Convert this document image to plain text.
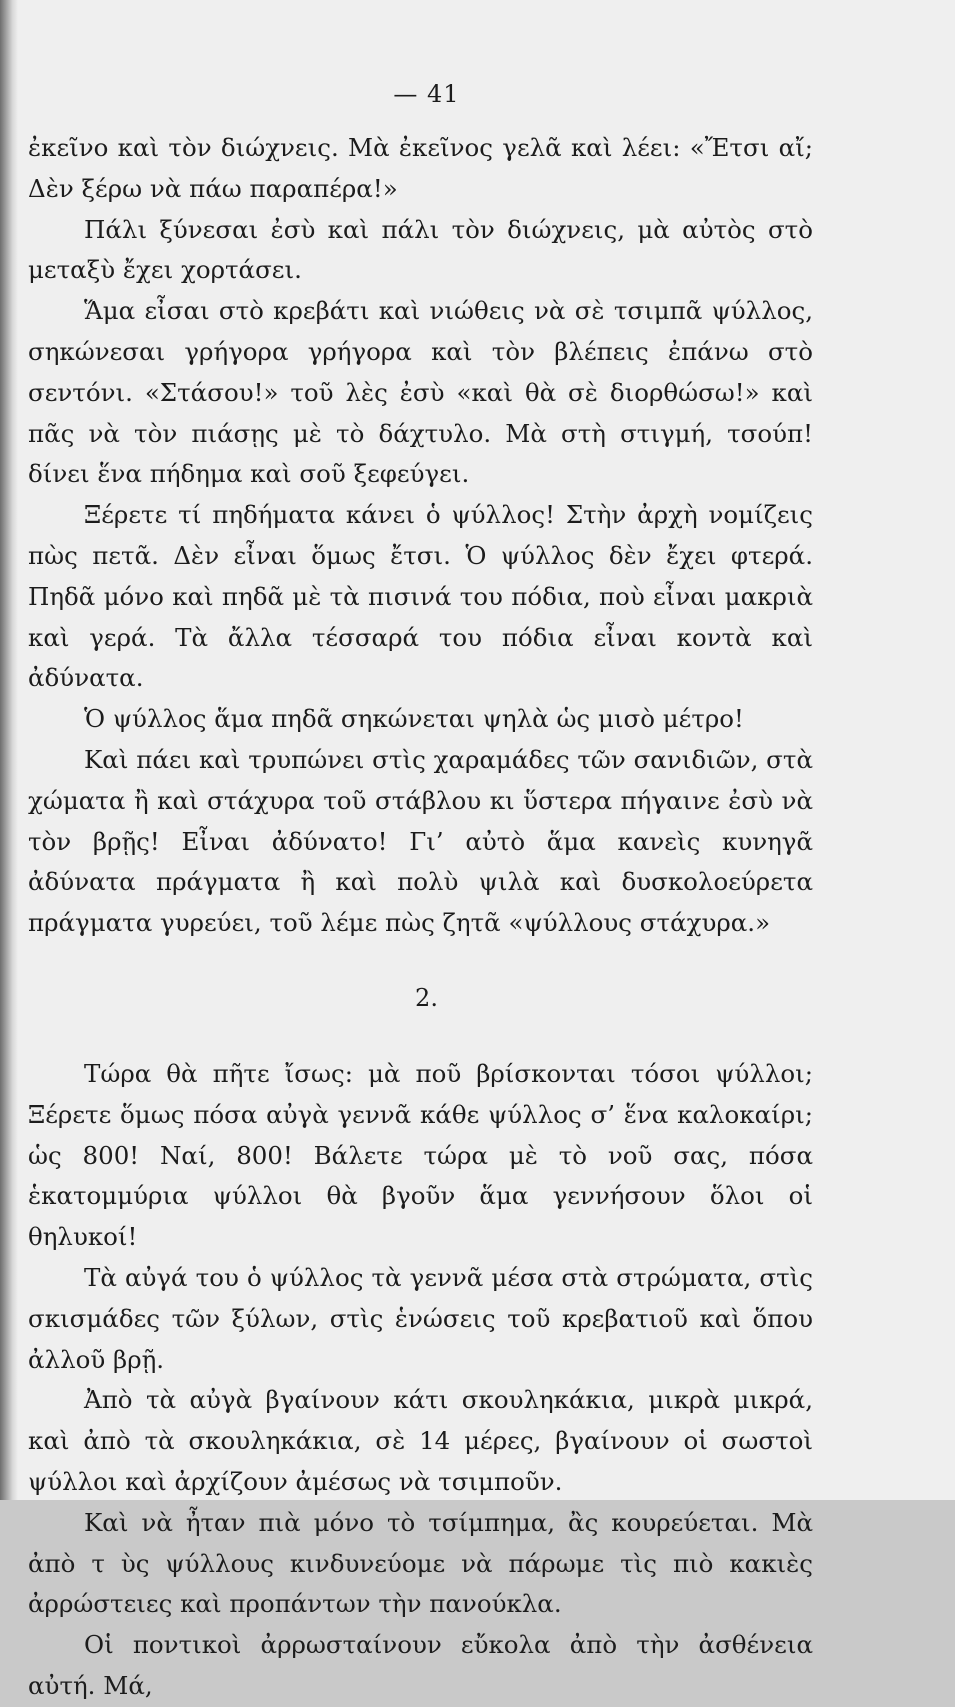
— 41

ἐκεῖνο καὶ τὸν διώχνεις. Μὰ ἐκεῖνος γελᾶ καὶ λέει: «Ἔτσι αἴ; Δὲν ξέρω νὰ πάω παραπέρα!»

Πάλι ξύνεσαι ἐσὺ καὶ πάλι τὸν διώχνεις, μὰ αὐτὸς στὸ μεταξὺ ἔχει χορτάσει.

Ἅμα εἶσαι στὸ κρεβάτι καὶ νιώθεις νὰ σὲ τσιμπᾶ ψύλλος, σηκώνεσαι γρήγορα γρήγορα καὶ τὸν βλέπεις ἐπάνω στὸ σεντόνι. «Στάσου!» τοῦ λὲς ἐσὺ «καὶ θὰ σὲ διορθώσω!» καὶ πᾶς νὰ τὸν πιάσῃς μὲ τὸ δάχτυλο. Μὰ στὴ στιγμή, τσούπ! δίνει ἕνα πήδημα καὶ σοῦ ξεφεύγει.

Ξέρετε τί πηδήματα κάνει ὁ ψύλλος! Στὴν ἀρχὴ νομίζεις πὼς πετᾶ. Δὲν εἶναι ὅμως ἔτσι. Ὁ ψύλλος δὲν ἔχει φτερά. Πηδᾶ μόνο καὶ πηδᾶ μὲ τὰ πισινά του πόδια, ποὺ εἶναι μακριὰ καὶ γερά. Τὰ ἄλλα τέσσαρά του πόδια εἶναι κοντὰ καὶ ἀδύνατα.

Ὁ ψύλλος ἅμα πηδᾶ σηκώνεται ψηλὰ ὡς μισὸ μέτρο!

Καὶ πάει καὶ τρυπώνει στὶς χαραμάδες τῶν σανιδιῶν, στὰ χώματα ἢ καὶ στάχυρα τοῦ στάβλου κι ὕστερα πήγαινε ἐσὺ νὰ τὸν βρῇς! Εἶναι ἀδύνατο! Γι’ αὐτὸ ἅμα κανεὶς κυνηγᾶ ἀδύνατα πράγματα ἢ καὶ πολὺ ψιλὰ καὶ δυσκολοεύρετα πράγματα γυρεύει, τοῦ λέμε πὼς ζητᾶ «ψύλλους στάχυρα.»

2.

Τώρα θὰ πῆτε ἴσως: μὰ ποῦ βρίσκονται τόσοι ψύλλοι; Ξέρετε ὅμως πόσα αὐγὰ γεννᾶ κάθε ψύλλος σ’ ἕνα καλοκαίρι; ὡς 800! Ναί, 800! Βάλετε τώρα μὲ τὸ νοῦ σας, πόσα ἑκατομμύρια ψύλλοι θὰ βγοῦν ἅμα γεννήσουν ὅλοι οἱ θηλυκοί!

Τὰ αὐγά του ὁ ψύλλος τὰ γεννᾶ μέσα στὰ στρώματα, στὶς σκισμάδες τῶν ξύλων, στὶς ἑνώσεις τοῦ κρεβατιοῦ καὶ ὅπου ἀλλοῦ βρῇ.

Ἀπὸ τὰ αὐγὰ βγαίνουν κάτι σκουληκάκια, μικρὰ μικρά, καὶ ἀπὸ τὰ σκουληκάκια, σὲ 14 μέρες, βγαίνουν οἱ σωστοὶ ψύλλοι καὶ ἀρχίζουν ἀμέσως νὰ τσιμποῦν.

Καὶ νὰ ἦταν πιὰ μόνο τὸ τσίμπημα, ἂς κουρεύεται. Μὰ ἀπὸ τ ὺς ψύλλους κινδυνεύομε νὰ πάρωμε τὶς πιὸ κακιὲς ἀρρώστειες καὶ προπάντων τὴν πανούκλα.

Οἱ ποντικοὶ ἀρρωσταίνουν εὔκολα ἀπὸ τὴν ἀσθένεια αὐτή. Μά,
